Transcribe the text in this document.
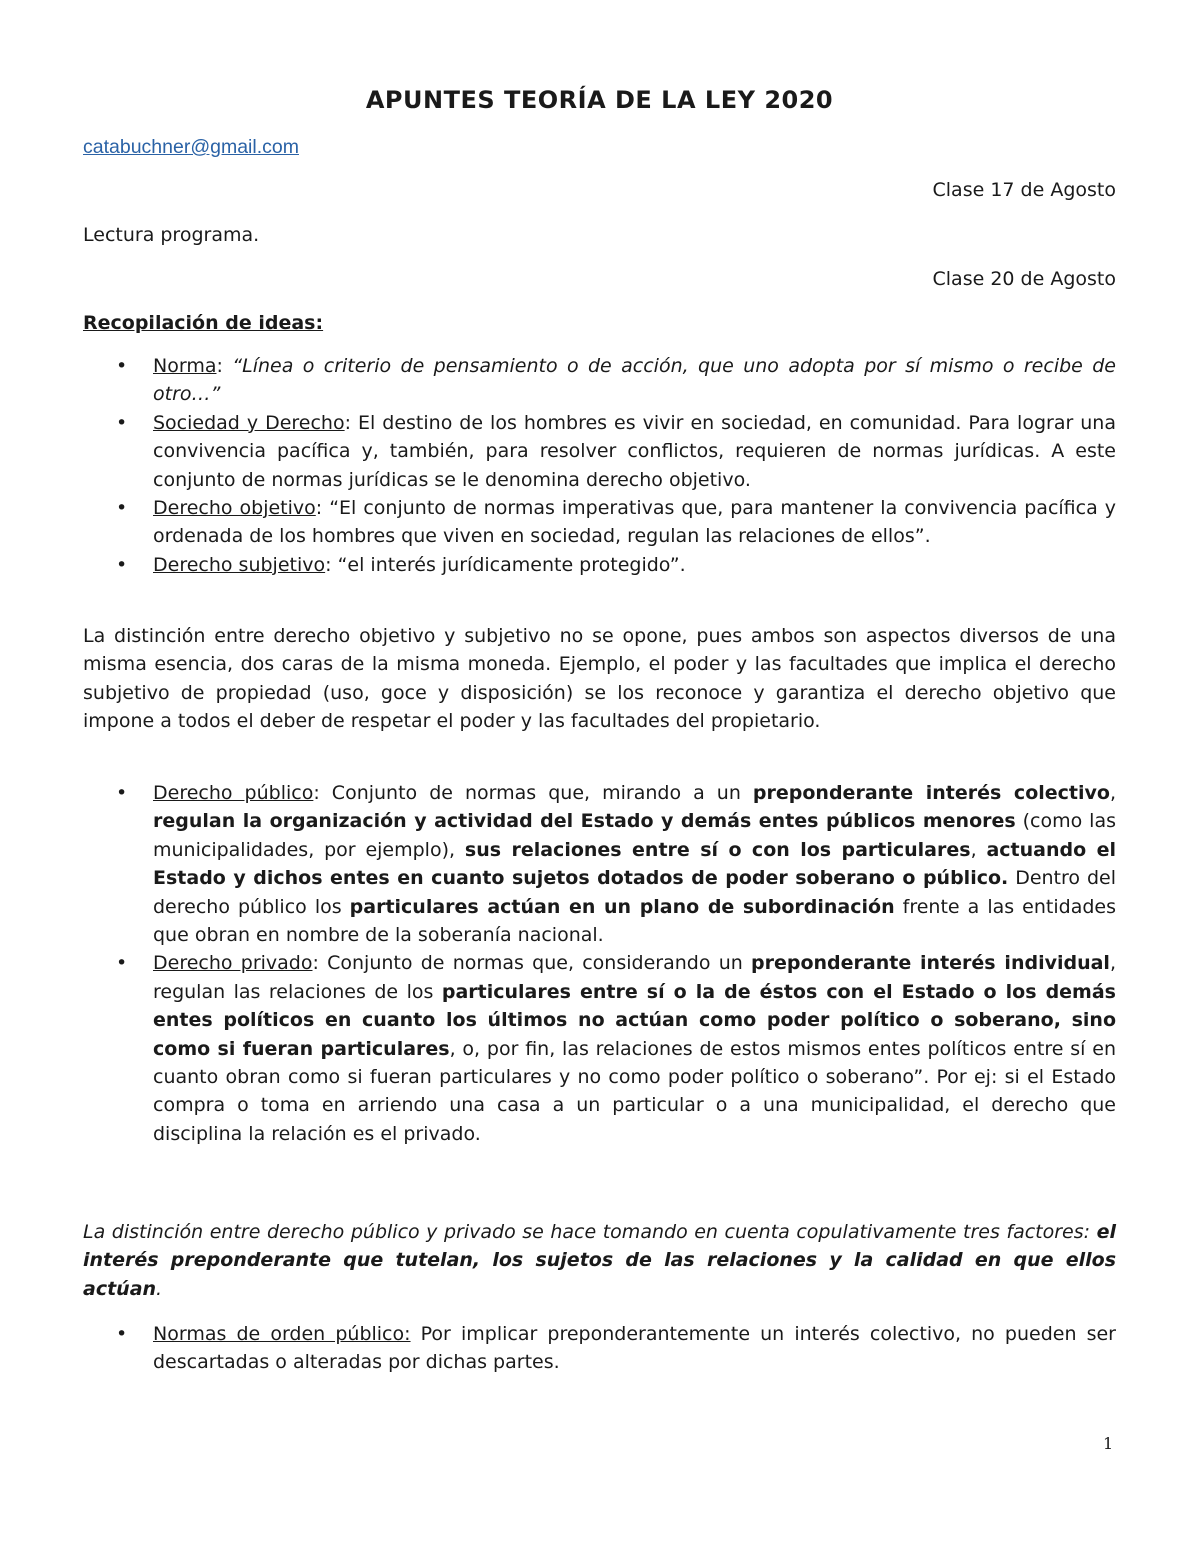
APUNTES TEORÍA DE LA LEY 2020
catabuchner@gmail.com

Clase 17 de Agosto

Lectura programa.

Clase 20 de Agosto

Recopilación de ideas:

• Norma: “Línea o criterio de pensamiento o de acción, que uno adopta por sí mismo o recibe de otro…”
• Sociedad y Derecho: El destino de los hombres es vivir en sociedad, en comunidad. Para lograr una convivencia pacífica y, también, para resolver conflictos, requieren de normas jurídicas. A este conjunto de normas jurídicas se le denomina derecho objetivo.
• Derecho objetivo: “El conjunto de normas imperativas que, para mantener la convivencia pacífica y ordenada de los hombres que viven en sociedad, regulan las relaciones de ellos”.
• Derecho subjetivo: “el interés jurídicamente protegido”.

La distinción entre derecho objetivo y subjetivo no se opone, pues ambos son aspectos diversos de una misma esencia, dos caras de la misma moneda. Ejemplo, el poder y las facultades que implica el derecho subjetivo de propiedad (uso, goce y disposición) se los reconoce y garantiza el derecho objetivo que impone a todos el deber de respetar el poder y las facultades del propietario.

• Derecho público: Conjunto de normas que, mirando a un preponderante interés colectivo, regulan la organización y actividad del Estado y demás entes públicos menores (como las municipalidades, por ejemplo), sus relaciones entre sí o con los particulares, actuando el Estado y dichos entes en cuanto sujetos dotados de poder soberano o público. Dentro del derecho público los particulares actúan en un plano de subordinación frente a las entidades que obran en nombre de la soberanía nacional.
• Derecho privado: Conjunto de normas que, considerando un preponderante interés individual, regulan las relaciones de los particulares entre sí o la de éstos con el Estado o los demás entes políticos en cuanto los últimos no actúan como poder político o soberano, sino como si fueran particulares, o, por fin, las relaciones de estos mismos entes políticos entre sí en cuanto obran como si fueran particulares y no como poder político o soberano”. Por ej: si el Estado compra o toma en arriendo una casa a un particular o a una municipalidad, el derecho que disciplina la relación es el privado.

La distinción entre derecho público y privado se hace tomando en cuenta copulativamente tres factores: el interés preponderante que tutelan, los sujetos de las relaciones y la calidad en que ellos actúan.

• Normas de orden público: Por implicar preponderantemente un interés colectivo, no pueden ser descartadas o alteradas por dichas partes.
1
